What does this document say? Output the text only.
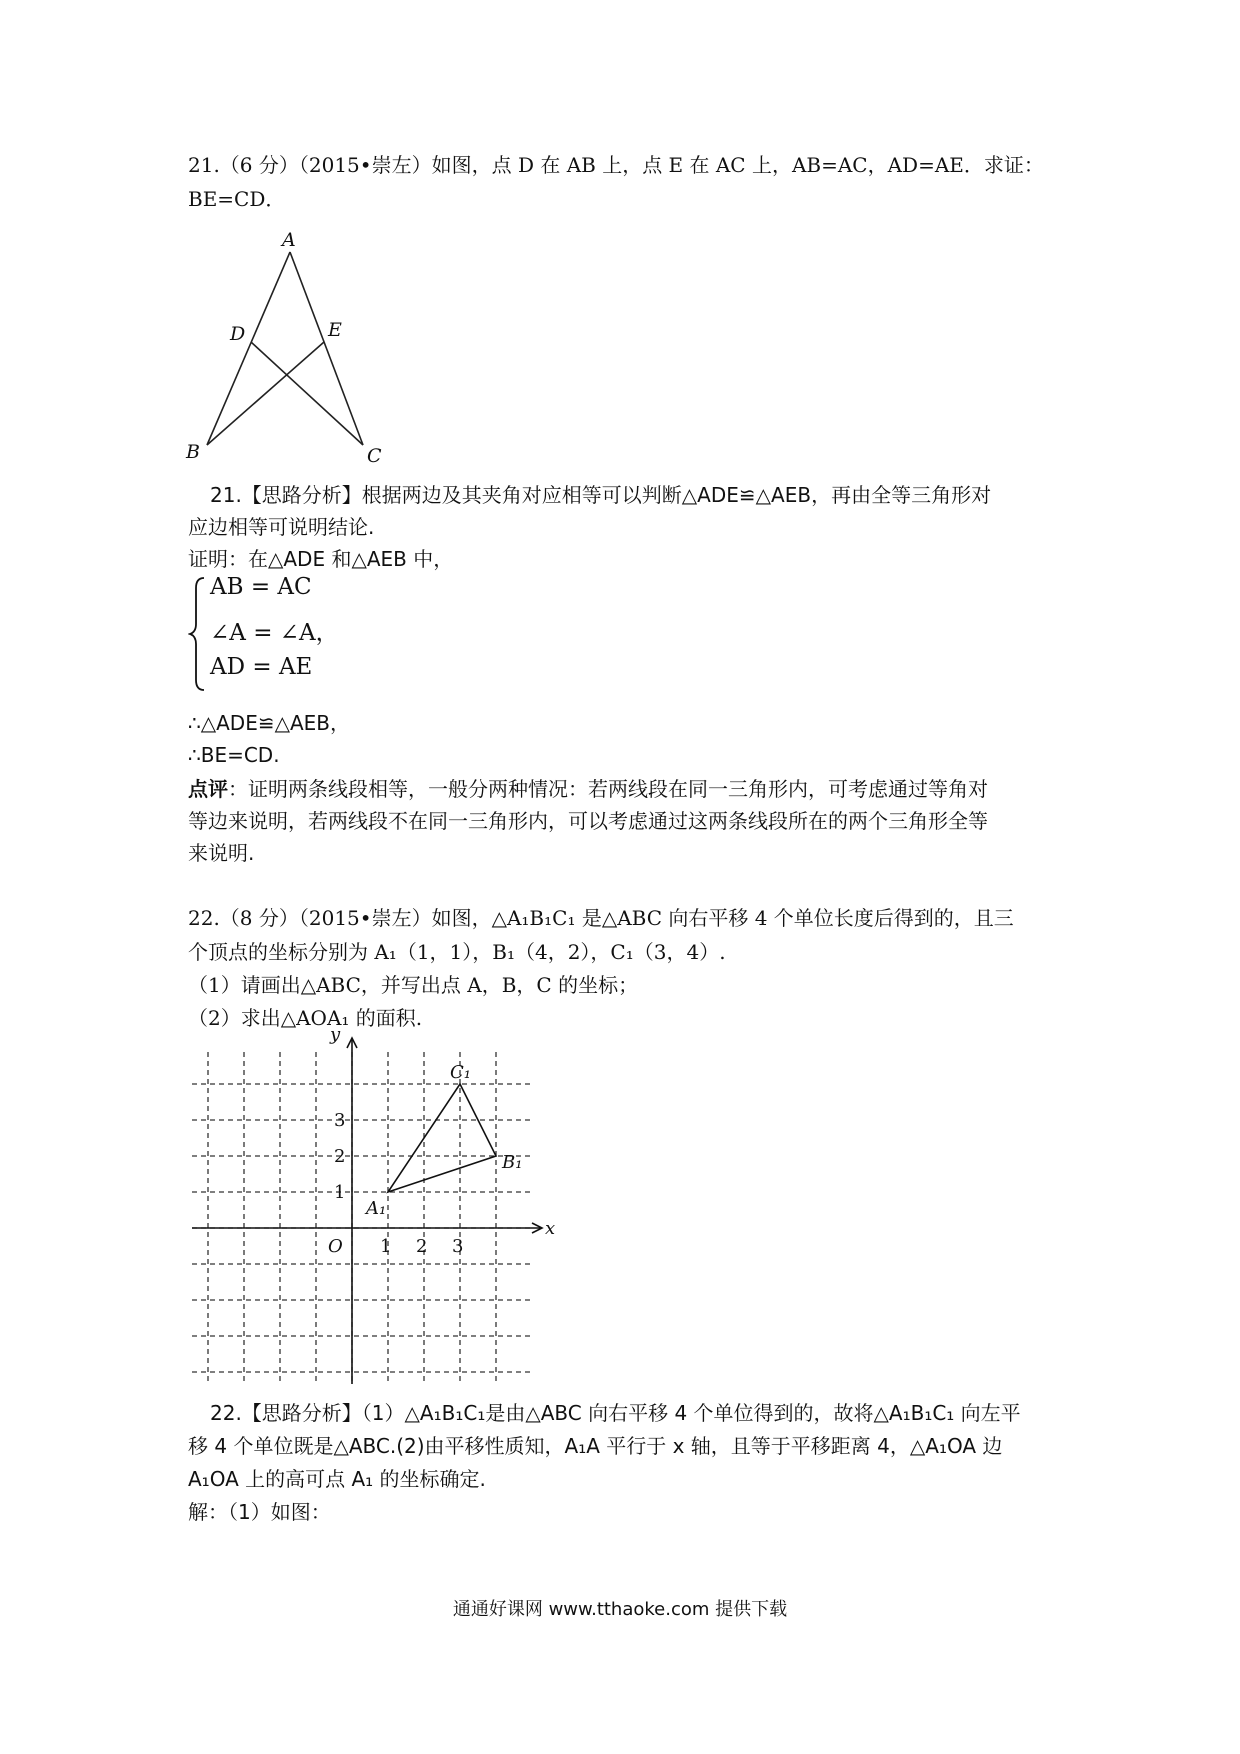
21.（6 分）（2015•崇左）如图，点 D 在 AB 上，点 E 在 AC 上，AB=AC，AD=AE．求证：
BE=CD．
A
B	C
D	E
21.【思路分析】根据两边及其夹角对应相等可以判断△ADE≌△AEB，再由全等三角形对
应边相等可说明结论.
证明：在△ADE 和△AEB 中，
AB = AC
∠A = ∠A，
AD = AE
∴△ADE≌△AEB，
∴BE=CD.
点评：证明两条线段相等，一般分两种情况：若两线段在同一三角形内，可考虑通过等角对
等边来说明，若两线段不在同一三角形内，可以考虑通过这两条线段所在的两个三角形全等
来说明.
22.（8 分）（2015•崇左）如图，△A₁B₁C₁ 是△ABC 向右平移 4 个单位长度后得到的，且三
个顶点的坐标分别为 A₁（1，1），B₁（4，2），C₁（3，4）.
（1）请画出△ABC，并写出点 A，B，C 的坐标；
（2）求出△AOA₁ 的面积.
x
y
O 1 2 3
1
2
3
A₁
B₁
C₁
22.【思路分析】（1）△A₁B₁C₁是由△ABC 向右平移 4 个单位得到的，故将△A₁B₁C₁ 向左平
移 4 个单位既是△ABC.(2)由平移性质知，A₁A 平行于 x 轴，且等于平移距离 4，△A₁OA 边
A₁OA 上的高可点 A₁ 的坐标确定.
解：（1）如图：
通通好课网 www.tthaoke.com 提供下载
